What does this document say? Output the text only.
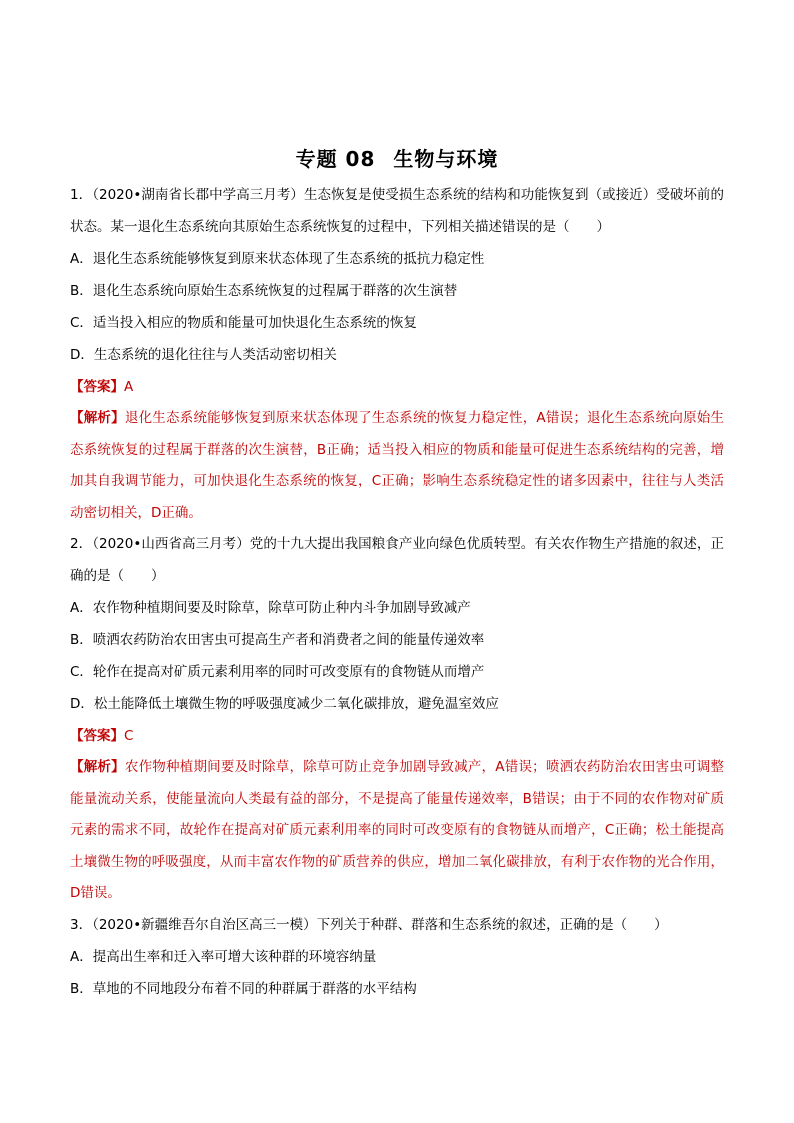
专题 08 生物与环境
1．（2020•湖南省长郡中学高三月考）生态恢复是使受损生态系统的结构和功能恢复到（或接近）受破坏前的状态。某一退化生态系统向其原始生态系统恢复的过程中，下列相关描述错误的是（　　）
A．退化生态系统能够恢复到原来状态体现了生态系统的抵抗力稳定性
B．退化生态系统向原始生态系统恢复的过程属于群落的次生演替
C．适当投入相应的物质和能量可加快退化生态系统的恢复
D．生态系统的退化往往与人类活动密切相关
【答案】A
【解析】退化生态系统能够恢复到原来状态体现了生态系统的恢复力稳定性，A错误；退化生态系统向原始生态系统恢复的过程属于群落的次生演替，B正确；适当投入相应的物质和能量可促进生态系统结构的完善，增加其自我调节能力，可加快退化生态系统的恢复，C正确；影响生态系统稳定性的诸多因素中，往往与人类活动密切相关，D正确。
2．（2020•山西省高三月考）党的十九大提出我国粮食产业向绿色优质转型。有关农作物生产措施的叙述，正确的是（　　）
A．农作物种植期间要及时除草，除草可防止种内斗争加剧导致减产
B．喷洒农药防治农田害虫可提高生产者和消费者之间的能量传递效率
C．轮作在提高对矿质元素利用率的同时可改变原有的食物链从而增产
D．松土能降低土壤微生物的呼吸强度减少二氧化碳排放，避免温室效应
【答案】C
【解析】农作物种植期间要及时除草，除草可防止竞争加剧导致减产，A错误；喷洒农药防治农田害虫可调整能量流动关系，使能量流向人类最有益的部分，不是提高了能量传递效率，B错误；由于不同的农作物对矿质元素的需求不同，故轮作在提高对矿质元素利用率的同时可改变原有的食物链从而增产，C正确；松土能提高土壤微生物的呼吸强度，从而丰富农作物的矿质营养的供应，增加二氧化碳排放，有利于农作物的光合作用，D错误。
3．（2020•新疆维吾尔自治区高三一模）下列关于种群、群落和生态系统的叙述，正确的是（　　）
A．提高出生率和迁入率可增大该种群的环境容纳量
B．草地的不同地段分布着不同的种群属于群落的水平结构
